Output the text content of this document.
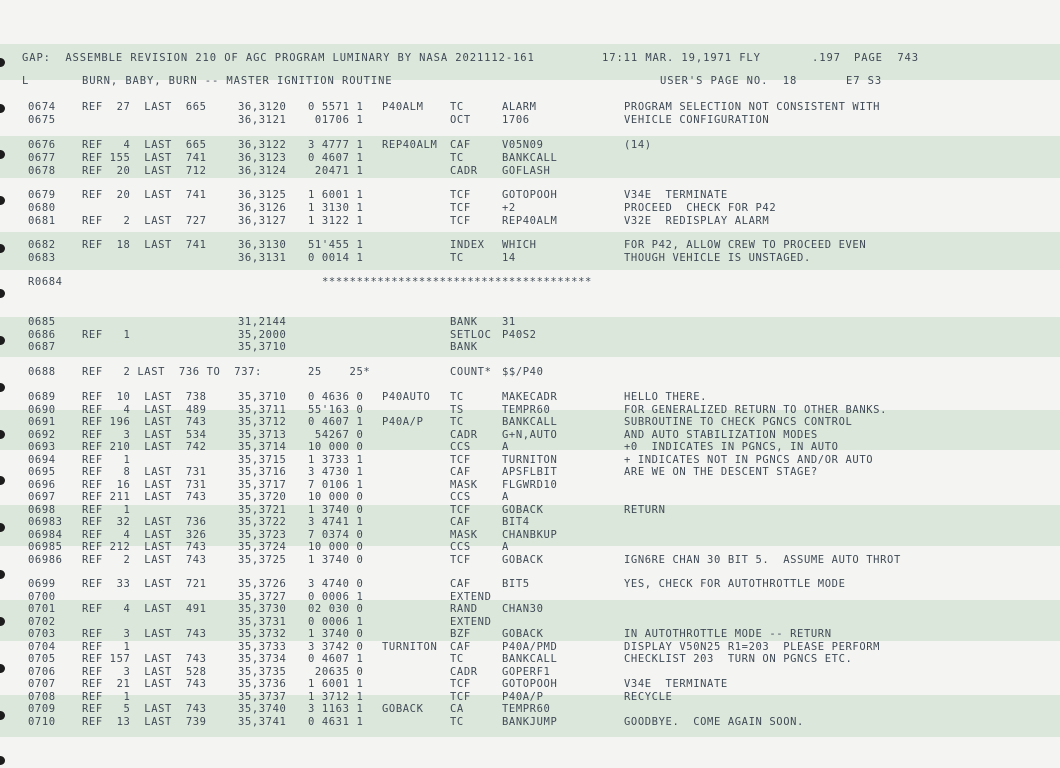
GAP:  ASSEMBLE REVISION 210 OF AGC PROGRAM LUMINARY BY NASA 2021112-161

	17:11 MAR. 19,1971 FLY

	.197

PAGE  743

L

	BURN, BABY, BURN -- MASTER IGNITION ROUTINE

	USER'S PAGE NO.  18

	E7 S3

***************************************

0674	REF  27  LAST  665	36,3120 0 5571 1 P40ALM	TC	ALARM	PROGRAM SELECTION NOT CONSISTENT WITH
0675	36,3121 01706 1	OCT	1706	VEHICLE CONFIGURATION
0676	REF   4  LAST  665	36,3122 3 4777 1 REP40ALM CAF	V05N09	(14)
0677	REF 155  LAST  741	36,3123 0 4607 1	TC	BANKCALL
0678	REF  20  LAST  712	36,3124 20471 1	CADR GOFLASH
0679	REF  20  LAST  741	36,3125 1 6001 1	TCF	GOTOPOOH	V34E  TERMINATE
0680	36,3126 1 3130 1	TCF	+2	PROCEED  CHECK FOR P42
0681	REF   2  LAST  727	36,3127 1 3122 1	TCF	REP40ALM	V32E  REDISPLAY ALARM
0682	REF  18  LAST  741	36,3130 51'455 1	INDEX WHICH	FOR P42, ALLOW CREW TO PROCEED EVEN
0683	36,3131 0 0014 1	TC	14	THOUGH VEHICLE IS UNSTAGED.
R0684
0685	31,2144	BANK 31
0686	REF   1	35,2000	SETLOC P40S2
0687	35,3710	BANK
0688	REF   2 LAST  736 TO  737:	25    25*	COUNT* $$/P40
0689	REF  10  LAST  738	35,3710 0 4636 0 P40AUTO TC	MAKECADR	HELLO THERE.
0690	REF   4  LAST  489	35,3711 55'163 0	TS	TEMPR60	FOR GENERALIZED RETURN TO OTHER BANKS.
0691	REF 196  LAST  743	35,3712 0 4607 1 P40A/P	TC	BANKCALL	SUBROUTINE TO CHECK PGNCS CONTROL
0692	REF   3  LAST  534	35,3713 54267 0	CADR G+N,AUTO	AND AUTO STABILIZATION MODES
0693	REF 210  LAST  742	35,3714 10 000 0	CCS	A	+0  INDICATES IN PGNCS, IN AUTO
0694	REF   1	35,3715 1 3733 1	TCF	TURNITON	+ INDICATES NOT IN PGNCS AND/OR AUTO
0695	REF   8  LAST  731	35,3716 3 4730 1	CAF	APSFLBIT	ARE WE ON THE DESCENT STAGE?
0696	REF  16  LAST  731	35,3717 7 0106 1	MASK FLGWRD10
0697	REF 211  LAST  743	35,3720 10 000 0	CCS	A
0698	REF   1	35,3721 1 3740 0	TCF	GOBACK	RETURN
06983 REF  32  LAST  736	35,3722 3 4741 1	CAF	BIT4
06984 REF   4  LAST  326	35,3723 7 0374 0	MASK CHANBKUP
06985 REF 212  LAST  743	35,3724 10 000 0	CCS	A
06986 REF   2  LAST  743	35,3725 1 3740 0	TCF	GOBACK	IGN6RE CHAN 30 BIT 5.  ASSUME AUTO THROT
0699	REF  33  LAST  721	35,3726 3 4740 0	CAF	BIT5	YES, CHECK FOR AUTOTHROTTLE MODE
0700	35,3727 0 0006 1	EXTEND
0701	REF   4  LAST  491	35,3730 02 030 0	RAND CHAN30
0702	35,3731 0 0006 1	EXTEND
0703	REF   3  LAST  743	35,3732 1 3740 0	BZF	GOBACK	IN AUTOTHROTTLE MODE -- RETURN
0704	REF   1	35,3733 3 3742 0 TURNITON CAF	P40A/PMD	DISPLAY V50N25 R1=203  PLEASE PERFORM
0705	REF 157  LAST  743	35,3734 0 4607 1	TC	BANKCALL	CHECKLIST 203  TURN ON PGNCS ETC.
0706	REF   3  LAST  528	35,3735 20635 0	CADR GOPERF1
0707	REF  21  LAST  743	35,3736 1 6001 1	TCF	GOTOPOOH	V34E  TERMINATE
0708	REF   1	35,3737 1 3712 1	TCF	P40A/P	RECYCLE
0709	REF   5  LAST  743	35,3740 3 1163 1 GOBACK	CA	TEMPR60
0710	REF  13  LAST  739	35,3741 0 4631 1	TC	BANKJUMP	GOODBYE.  COME AGAIN SOON.
